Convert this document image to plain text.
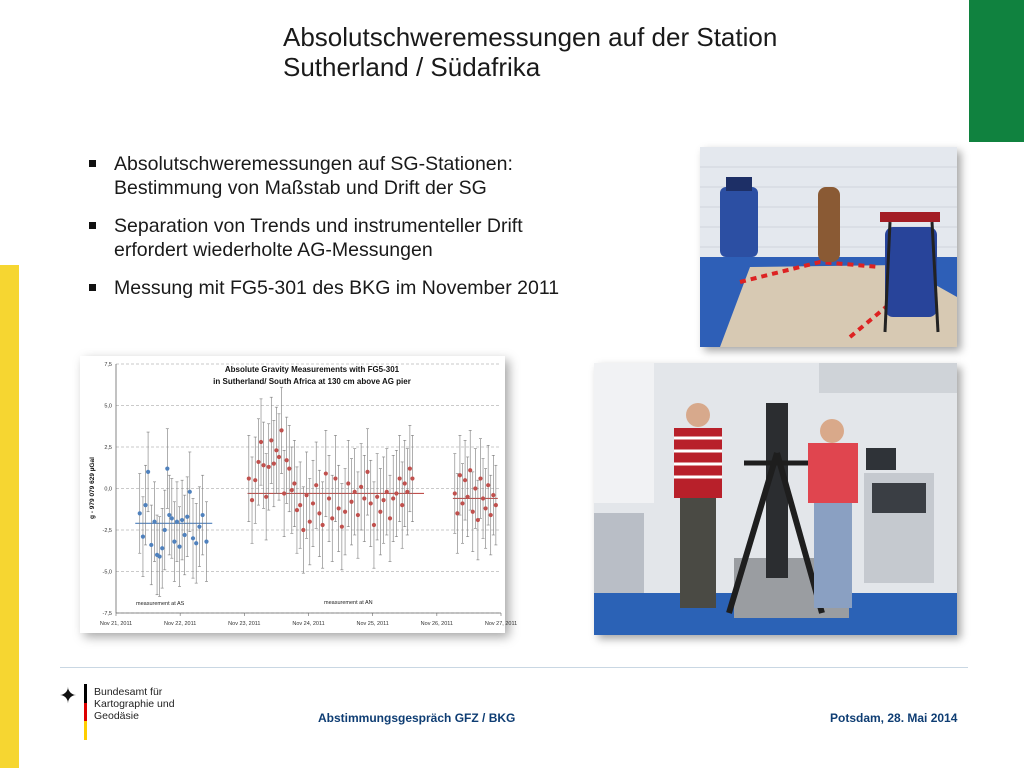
Absolutschweremessungen auf der Station
Sutherland / Südafrika
Absolutschweremessungen auf SG-Stationen:
Bestimmung von Maßstab und Drift der SG
Separation von Trends und instrumenteller Drift
erfordert wiederholte AG-Messungen
Messung mit FG5-301 des BKG im November 2011
Absolute Gravity Measurements with FG5-301
in Sutherland/ South Africa at 130 cm above AG pier
g - 979 079 629 µGal
7,5
5,0
2,5
0,0
-2,5
-5,0
-7,5
Nov 21, 2011	Nov 22, 2011	Nov 23, 2011	Nov 24, 2011	Nov 25, 2011	Nov 26, 2011	Nov 27, 2011
measurement at AS	measurement at AN
✦ Bundesamt für
Kartographie und Geodäsie	Abstimmungsgespräch GFZ / BKG	Potsdam, 28. Mai 2014
